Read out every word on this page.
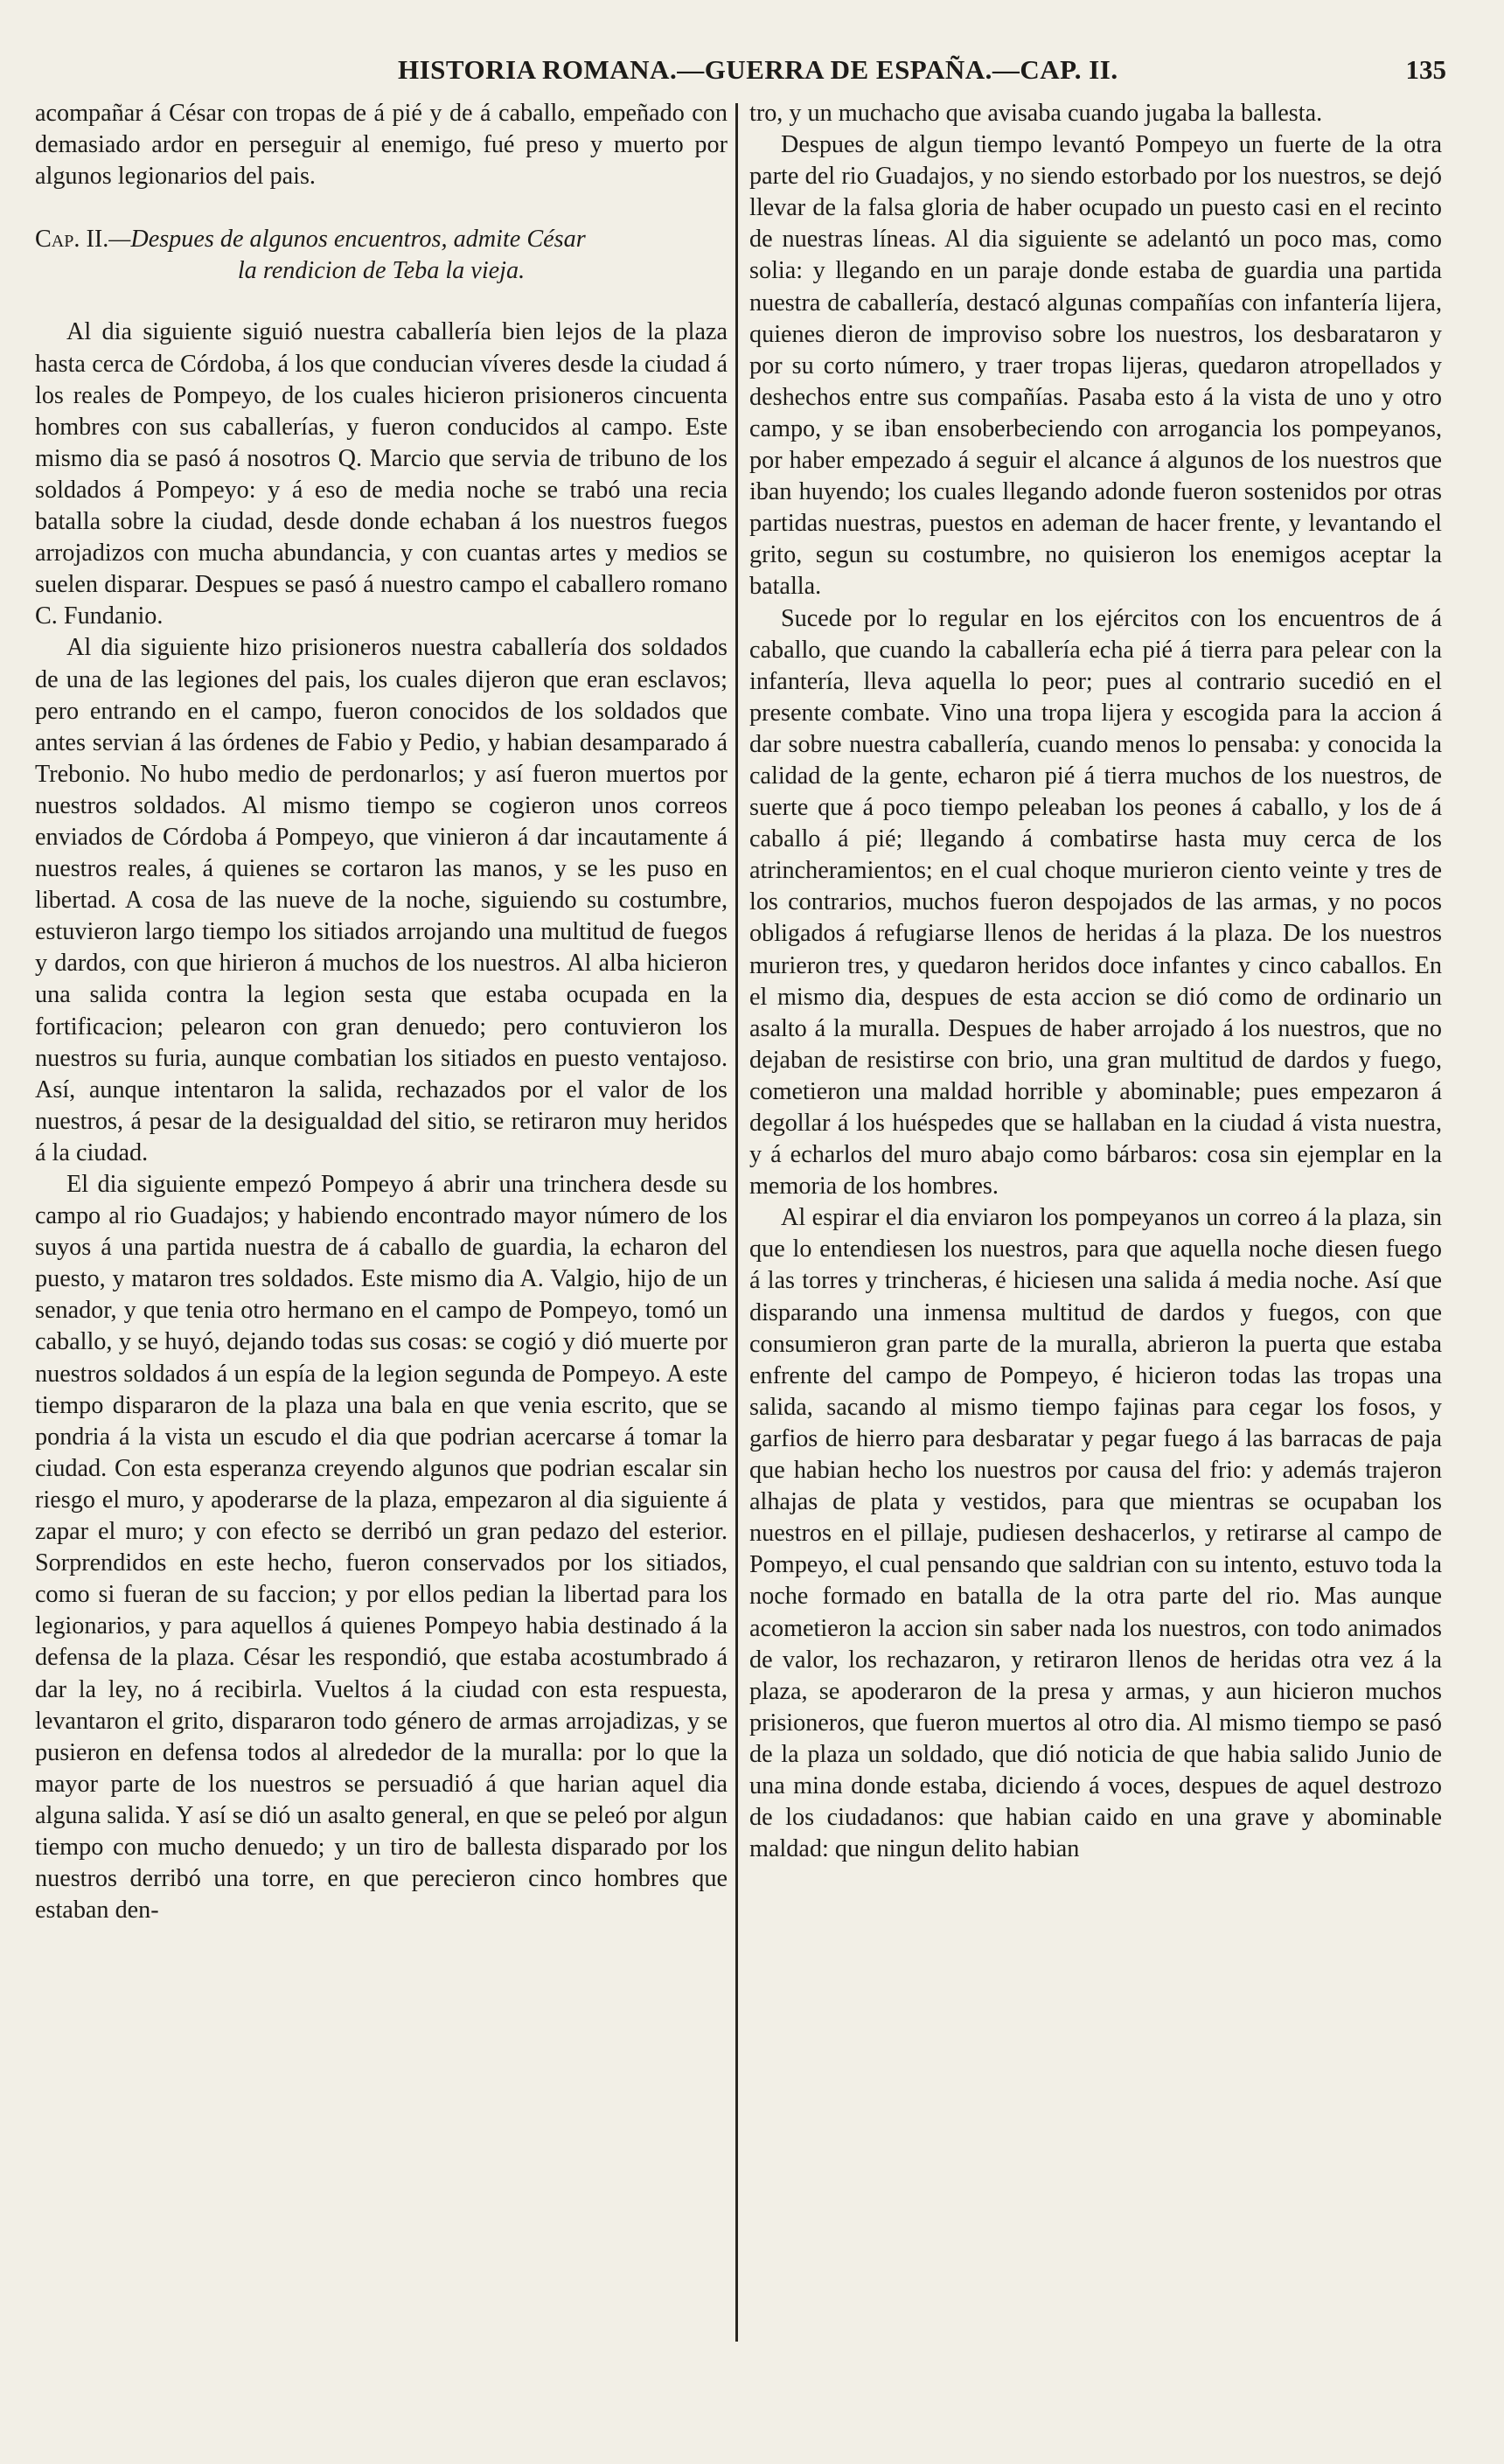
HISTORIA ROMANA.—GUERRA DE ESPAÑA.—CAP. II.	135

acompañar á César con tropas de á pié y de á caballo, empeñado con demasiado ardor en perseguir al enemigo, fué preso y muerto por algunos legionarios del pais.

Cap. II.—Despues de algunos encuentros, admite César
la rendicion de Teba la vieja.

Al dia siguiente siguió nuestra caballería bien lejos de la plaza hasta cerca de Córdoba, á los que conducian víveres desde la ciudad á los reales de Pompeyo, de los cuales hicieron prisioneros cincuenta hombres con sus caballerías, y fueron conducidos al campo. Este mismo dia se pasó á nosotros Q. Marcio que servia de tribuno de los soldados á Pompeyo: y á eso de media noche se trabó una recia batalla sobre la ciudad, desde donde echaban á los nuestros fuegos arrojadizos con mucha abundancia, y con cuantas artes y medios se suelen disparar. Despues se pasó á nuestro campo el caballero romano C. Fundanio.

Al dia siguiente hizo prisioneros nuestra caballería dos soldados de una de las legiones del pais, los cuales dijeron que eran esclavos; pero entrando en el campo, fueron conocidos de los soldados que antes servian á las órdenes de Fabio y Pedio, y habian desamparado á Trebonio. No hubo medio de perdonarlos; y así fueron muertos por nuestros soldados. Al mismo tiempo se cogieron unos correos enviados de Córdoba á Pompeyo, que vinieron á dar incautamente á nuestros reales, á quienes se cortaron las manos, y se les puso en libertad. A cosa de las nueve de la noche, siguiendo su costumbre, estuvieron largo tiempo los sitiados arrojando una multitud de fuegos y dardos, con que hirieron á muchos de los nuestros. Al alba hicieron una salida contra la legion sesta que estaba ocupada en la fortificacion; pelearon con gran denuedo; pero contuvieron los nuestros su furia, aunque combatian los sitiados en puesto ventajoso. Así, aunque intentaron la salida, rechazados por el valor de los nuestros, á pesar de la desigualdad del sitio, se retiraron muy heridos á la ciudad.

El dia siguiente empezó Pompeyo á abrir una trinchera desde su campo al rio Guadajos; y habiendo encontrado mayor número de los suyos á una partida nuestra de á caballo de guardia, la echaron del puesto, y mataron tres soldados. Este mismo dia A. Valgio, hijo de un senador, y que tenia otro hermano en el campo de Pompeyo, tomó un caballo, y se huyó, dejando todas sus cosas: se cogió y dió muerte por nuestros soldados á un espía de la legion segunda de Pompeyo. A este tiempo dispararon de la plaza una bala en que venia escrito, que se pondria á la vista un escudo el dia que podrian acercarse á tomar la ciudad. Con esta esperanza creyendo algunos que podrian escalar sin riesgo el muro, y apoderarse de la plaza, empezaron al dia siguiente á zapar el muro; y con efecto se derribó un gran pedazo del esterior. Sorprendidos en este hecho, fueron conservados por los sitiados, como si fueran de su faccion; y por ellos pedian la libertad para los legionarios, y para aquellos á quienes Pompeyo habia destinado á la defensa de la plaza. César les respondió, que estaba acostumbrado á dar la ley, no á recibirla. Vueltos á la ciudad con esta respuesta, levantaron el grito, dispararon todo género de armas arrojadizas, y se pusieron en defensa todos al alrededor de la muralla: por lo que la mayor parte de los nuestros se persuadió á que harian aquel dia alguna salida. Y así se dió un asalto general, en que se peleó por algun tiempo con mucho denuedo; y un tiro de ballesta disparado por los nuestros derribó una torre, en que perecieron cinco hombres que estaban den-

tro, y un muchacho que avisaba cuando jugaba la ballesta.

Despues de algun tiempo levantó Pompeyo un fuerte de la otra parte del rio Guadajos, y no siendo estorbado por los nuestros, se dejó llevar de la falsa gloria de haber ocupado un puesto casi en el recinto de nuestras líneas. Al dia siguiente se adelantó un poco mas, como solia: y llegando en un paraje donde estaba de guardia una partida nuestra de caballería, destacó algunas compañías con infantería lijera, quienes dieron de improviso sobre los nuestros, los desbarataron y por su corto número, y traer tropas lijeras, quedaron atropellados y deshechos entre sus compañías. Pasaba esto á la vista de uno y otro campo, y se iban ensoberbeciendo con arrogancia los pompeyanos, por haber empezado á seguir el alcance á algunos de los nuestros que iban huyendo; los cuales llegando adonde fueron sostenidos por otras partidas nuestras, puestos en ademan de hacer frente, y levantando el grito, segun su costumbre, no quisieron los enemigos aceptar la batalla.

Sucede por lo regular en los ejércitos con los encuentros de á caballo, que cuando la caballería echa pié á tierra para pelear con la infantería, lleva aquella lo peor; pues al contrario sucedió en el presente combate. Vino una tropa lijera y escogida para la accion á dar sobre nuestra caballería, cuando menos lo pensaba: y conocida la calidad de la gente, echaron pié á tierra muchos de los nuestros, de suerte que á poco tiempo peleaban los peones á caballo, y los de á caballo á pié; llegando á combatirse hasta muy cerca de los atrincheramientos; en el cual choque murieron ciento veinte y tres de los contrarios, muchos fueron despojados de las armas, y no pocos obligados á refugiarse llenos de heridas á la plaza. De los nuestros murieron tres, y quedaron heridos doce infantes y cinco caballos. En el mismo dia, despues de esta accion se dió como de ordinario un asalto á la muralla. Despues de haber arrojado á los nuestros, que no dejaban de resistirse con brio, una gran multitud de dardos y fuego, cometieron una maldad horrible y abominable; pues empezaron á degollar á los huéspedes que se hallaban en la ciudad á vista nuestra, y á echarlos del muro abajo como bárbaros: cosa sin ejemplar en la memoria de los hombres.

Al espirar el dia enviaron los pompeyanos un correo á la plaza, sin que lo entendiesen los nuestros, para que aquella noche diesen fuego á las torres y trincheras, é hiciesen una salida á media noche. Así que disparando una inmensa multitud de dardos y fuegos, con que consumieron gran parte de la muralla, abrieron la puerta que estaba enfrente del campo de Pompeyo, é hicieron todas las tropas una salida, sacando al mismo tiempo fajinas para cegar los fosos, y garfios de hierro para desbaratar y pegar fuego á las barracas de paja que habian hecho los nuestros por causa del frio: y además trajeron alhajas de plata y vestidos, para que mientras se ocupaban los nuestros en el pillaje, pudiesen deshacerlos, y retirarse al campo de Pompeyo, el cual pensando que saldrian con su intento, estuvo toda la noche formado en batalla de la otra parte del rio. Mas aunque acometieron la accion sin saber nada los nuestros, con todo animados de valor, los rechazaron, y retiraron llenos de heridas otra vez á la plaza, se apoderaron de la presa y armas, y aun hicieron muchos prisioneros, que fueron muertos al otro dia. Al mismo tiempo se pasó de la plaza un soldado, que dió noticia de que habia salido Junio de una mina donde estaba, diciendo á voces, despues de aquel destrozo de los ciudadanos: que habian caido en una grave y abominable maldad: que ningun delito habian
